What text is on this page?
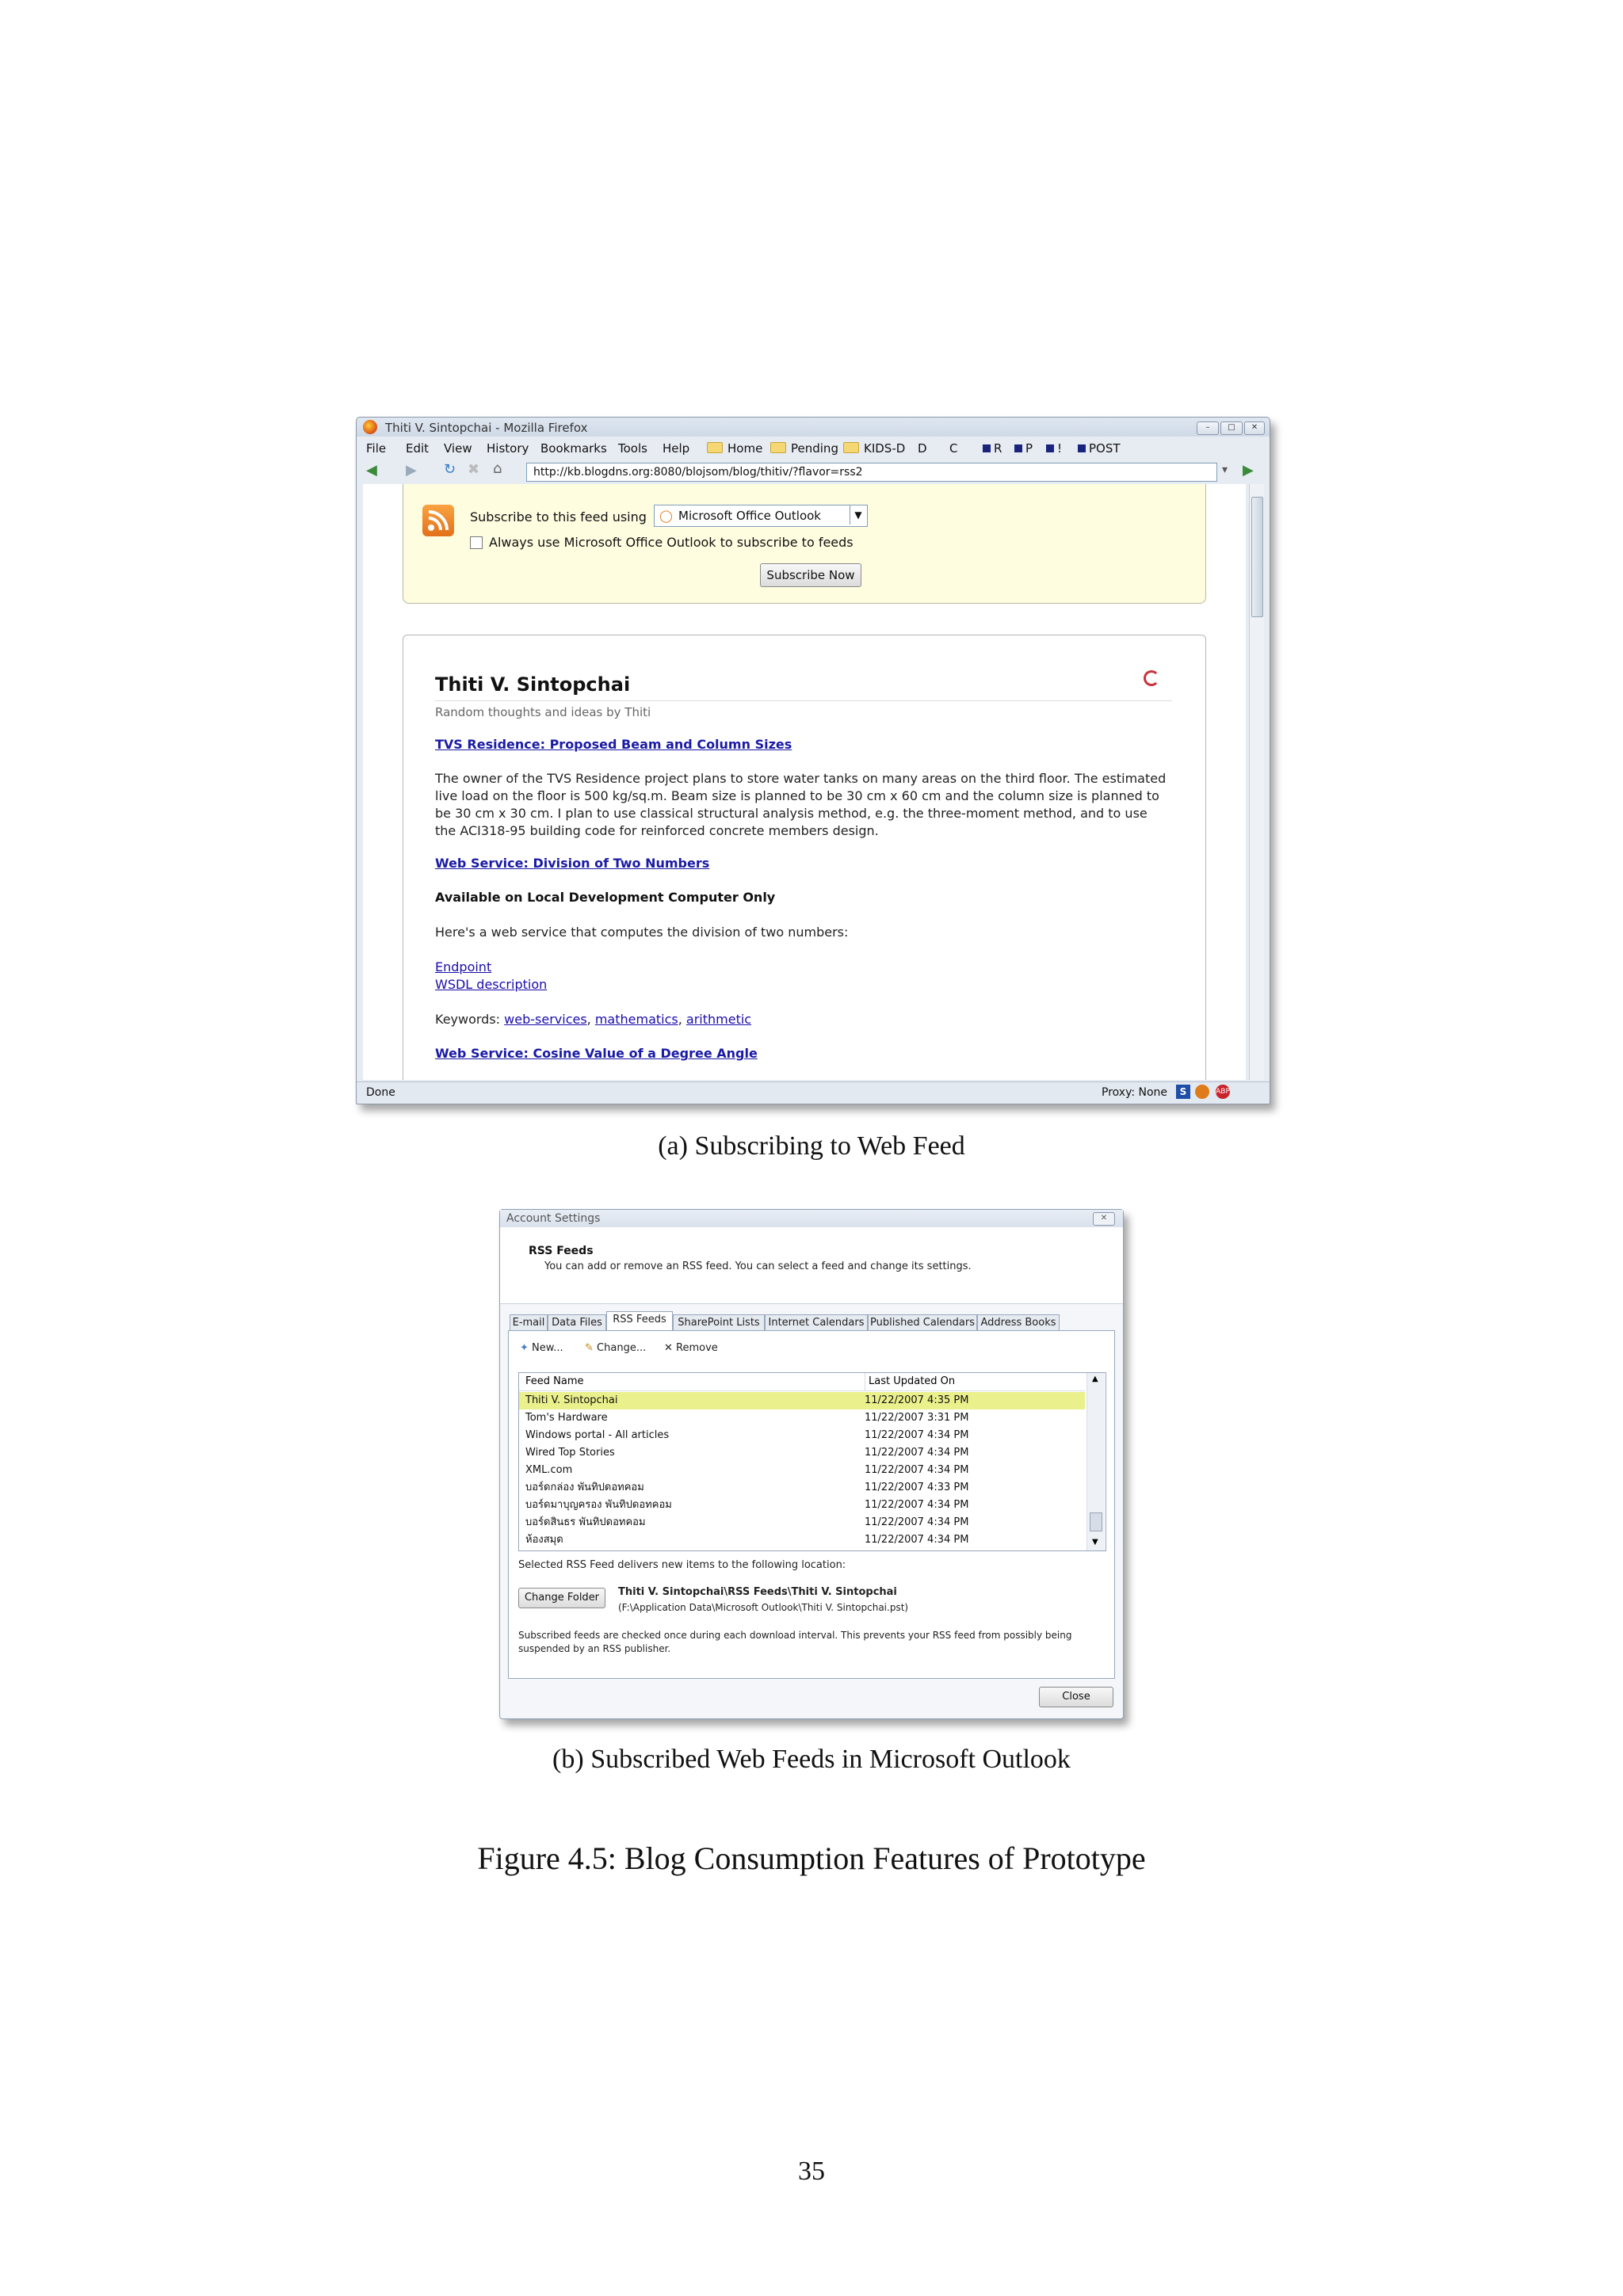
Thiti V. Sintopchai - Mozilla Firefox	–	□	✕
File Edit View History Bookmarks Tools Help	Home	Pending	KIDS-D D C	R	P	!	POST
◀ ▶ ↻ ✖ ⌂	http://kb.blogdns.org:8080/blojsom/blog/thitiv/?flavor=rss2	▾ ▶
Subscribe to this feed using ◯ Microsoft Office Outlook	▼
Always use Microsoft Office Outlook to subscribe to feeds
Subscribe Now
Thiti V. Sintopchai
Random thoughts and ideas by Thiti
TVS Residence: Proposed Beam and Column Sizes
The owner of the TVS Residence project plans to store water tanks on many areas on the third floor. The estimated live load on the floor is 500 kg/sq.m. Beam size is planned to be 30 cm x 60 cm and the column size is planned to be 30 cm x 30 cm. I plan to use classical structural analysis method, e.g. the three-moment method, and to use the ACI318-95 building code for reinforced concrete members design.
Web Service: Division of Two Numbers
Available on Local Development Computer Only
Here's a web service that computes the division of two numbers:
Endpoint
WSDL description
Keywords: web-services, mathematics, arithmetic
Web Service: Cosine Value of a Degree Angle
Done	Proxy: None	S	ABP
(a) Subscribing to Web Feed
Account Settings	✕
RSS Feeds
You can add or remove an RSS feed. You can select a feed and change its settings.
E-mail Data Files	RSS Feeds	SharePoint Lists Internet Calendars Published Calendars Address Books
✦ New... ✎ Change... ✕ Remove
Feed Name	Last Updated On
Thiti V. Sintopchai	11/22/2007 4:35 PM
Tom's Hardware	11/22/2007 3:31 PM
Windows portal - All articles	11/22/2007 4:34 PM
Wired Top Stories	11/22/2007 4:34 PM
XML.com	11/22/2007 4:34 PM
บอร์ดกล่อง พันทิปดอทคอม	11/22/2007 4:33 PM
บอร์ดมาบุญครอง พันทิปดอทคอม	11/22/2007 4:34 PM
บอร์ดสินธร พันทิปดอทคอม	11/22/2007 4:34 PM
ห้องสมุด	11/22/2007 4:34 PM
▲
▼
Selected RSS Feed delivers new items to the following location:
Change Folder	Thiti V. Sintopchai\RSS Feeds\Thiti V. Sintopchai
(F:\Application Data\Microsoft Outlook\Thiti V. Sintopchai.pst)
Subscribed feeds are checked once during each download interval. This prevents your RSS feed from possibly being suspended by an RSS publisher.
Close
(b) Subscribed Web Feeds in Microsoft Outlook
Figure 4.5: Blog Consumption Features of Prototype
35
